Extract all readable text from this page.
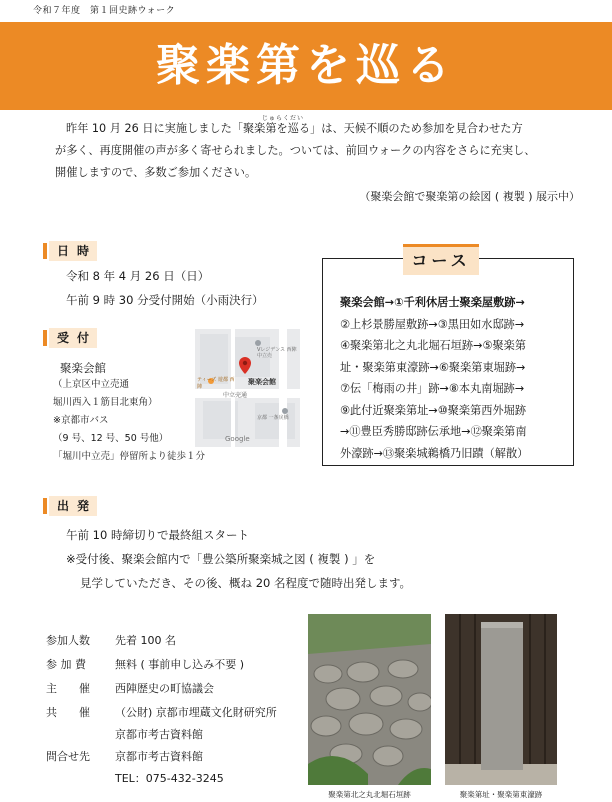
令和７年度　第１回史跡ウォーク
聚楽第を巡る
じゅらくだい

昨年 10 月 26 日に実施しました「聚楽第を巡る」は、天候不順のため参加を見合わせた方

が多く、再度開催の声が多く寄せられました。ついては、前回ウォークの内容をさらに充実し、

開催しますので、多数ご参加ください。

（聚楽会館で聚楽第の絵図 ( 複製 ) 展示中）
日時
令和 8 年 4 月 26 日（日）
午前 9 時 30 分受付開始（小雨決行）
受付
聚楽会館
（上京区中立売通
堀川西入１筋目北東角）
※京都市バス
（9 号、12 号、50 号他）
「堀川中立売」停留所より徒歩１分
聚楽会館
中立売通
Vレジデンス 西陣中立売
ティーズ 遊都 西陣
京都 一条戻橋
Google
コース
聚楽会館→①千利休居士聚楽屋敷跡→
②上杉景勝屋敷跡→③黒田如水邸跡→
④聚楽第北之丸北堀石垣跡→⑤聚楽第
址・聚楽第東濠跡→⑥聚楽第東堀跡→
⑦伝「梅雨の井」跡→⑧本丸南堀跡→
⑨此付近聚楽第址→⑩聚楽第西外堀跡
→⑪豊臣秀勝邸跡伝承地→⑫聚楽第南
外濠跡→⑬聚楽城鵜橋乃旧蹟（解散）
出発
午前 10 時締切りで最終組スタート
※受付後、聚楽会館内で「豊公築所聚楽城之図 ( 複製 ) 」を
見学していただき、その後、概ね 20 名程度で随時出発します。
参加人数 先着 100 名
参 加 費	無料 ( 事前申し込み不要 )
主　　催 西陣歴史の町協議会
共　　催 （公財) 京都市埋蔵文化財研究所
京都市考古資料館
問合せ先 京都市考古資料館
TEL：075-432-3245
聚楽第北之丸北堀石垣跡	聚楽第址・聚楽第東濠跡
